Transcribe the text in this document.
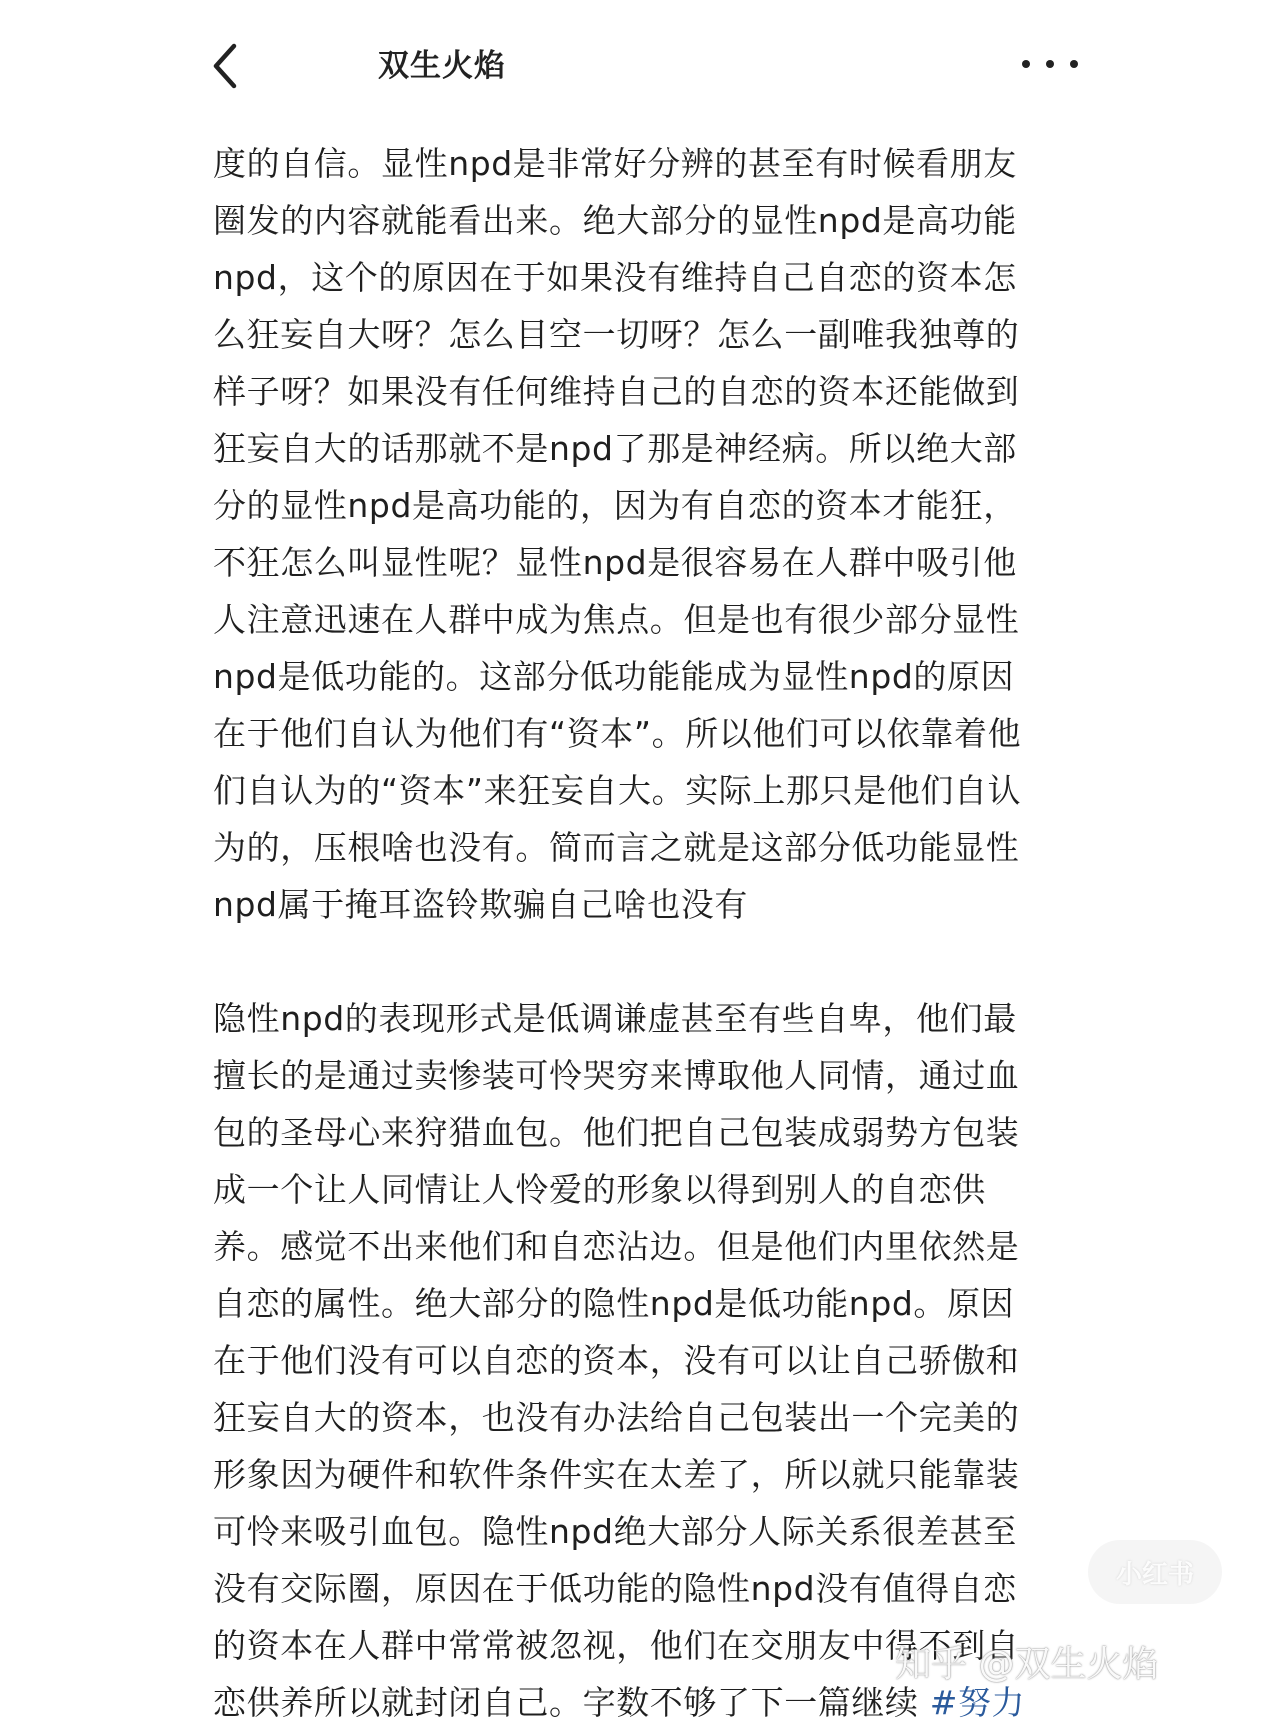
双生火焰

度的自信。显性npd是非常好分辨的甚至有时候看朋友
圈发的内容就能看出来。绝大部分的显性npd是高功能
npd，这个的原因在于如果没有维持自己自恋的资本怎
么狂妄自大呀？怎么目空一切呀？怎么一副唯我独尊的
样子呀？如果没有任何维持自己的自恋的资本还能做到
狂妄自大的话那就不是npd了那是神经病。所以绝大部
分的显性npd是高功能的，因为有自恋的资本才能狂，
不狂怎么叫显性呢？显性npd是很容易在人群中吸引他
人注意迅速在人群中成为焦点。但是也有很少部分显性
npd是低功能的。这部分低功能能成为显性npd的原因
在于他们自认为他们有“资本”。所以他们可以依靠着他
们自认为的“资本”来狂妄自大。实际上那只是他们自认
为的，压根啥也没有。简而言之就是这部分低功能显性
npd属于掩耳盗铃欺骗自己啥也没有

隐性npd的表现形式是低调谦虚甚至有些自卑，他们最
擅长的是通过卖惨装可怜哭穷来博取他人同情，通过血
包的圣母心来狩猎血包。他们把自己包装成弱势方包装
成一个让人同情让人怜爱的形象以得到别人的自恋供
养。感觉不出来他们和自恋沾边。但是他们内里依然是
自恋的属性。绝大部分的隐性npd是低功能npd。原因
在于他们没有可以自恋的资本，没有可以让自己骄傲和
狂妄自大的资本，也没有办法给自己包装出一个完美的
形象因为硬件和软件条件实在太差了，所以就只能靠装
可怜来吸引血包。隐性npd绝大部分人际关系很差甚至
没有交际圈，原因在于低功能的隐性npd没有值得自恋
的资本在人群中常常被忽视，他们在交朋友中得不到自
恋供养所以就封闭自己。字数不够了下一篇继续 #努力

小红书
知乎 @双生火焰
